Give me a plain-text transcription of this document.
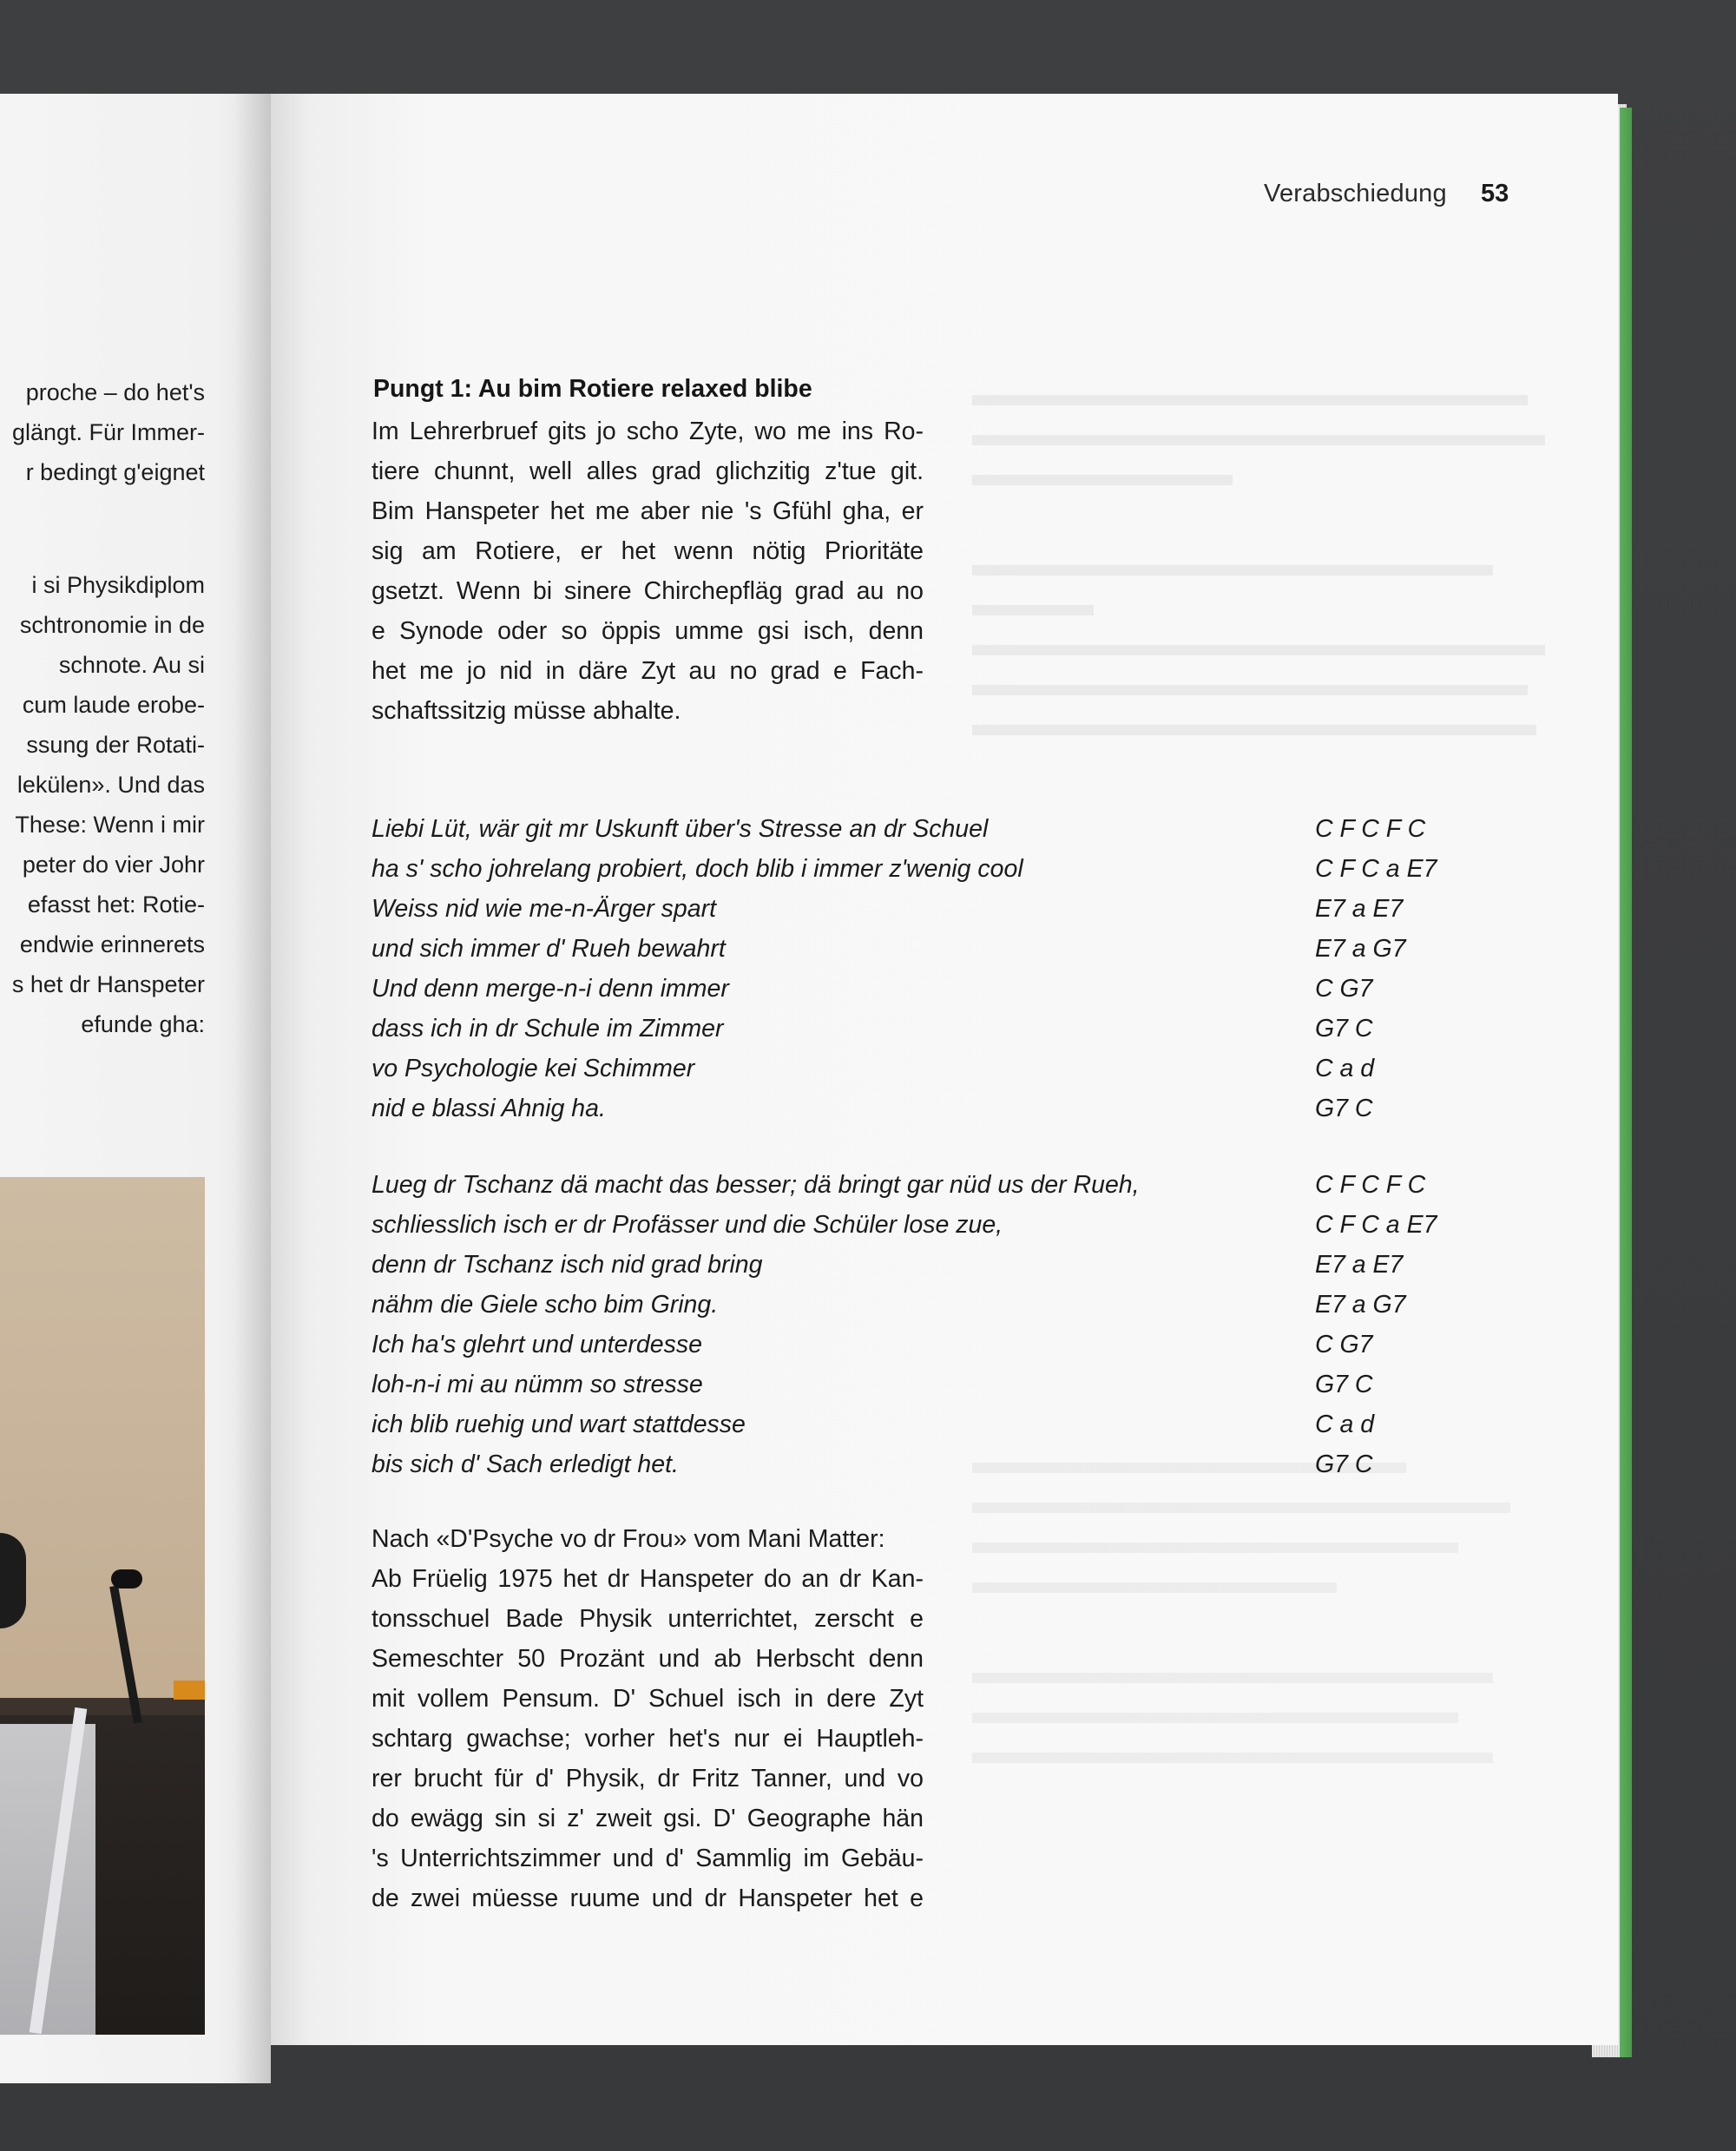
proche – do het's
glängt. Für Immer-
r bedingt g'eignet
i si Physikdiplom
schtronomie in de
schnote. Au si
cum laude erobe-
ssung der Rotati-
lekülen». Und das
These: Wenn i mir
peter do vier Johr
efasst het: Rotie-
endwie erinnerets
s het dr Hanspeter
efunde gha:
Verabschiedung 53
Pungt 1: Au bim Rotiere relaxed blibe
Im Lehrerbruef gits jo scho Zyte, wo me ins Ro-
tiere chunnt, well alles grad glichzitig z'tue git.
Bim Hanspeter het me aber nie 's Gfühl gha, er
sig am Rotiere, er het wenn nötig Prioritäte
gsetzt. Wenn bi sinere Chirchepfläg grad au no
e Synode oder so öppis umme gsi isch, denn
het me jo nid in däre Zyt au no grad e Fach-
schaftssitzig müsse abhalte.
Liebi Lüt, wär git mr Uskunft über's Stresse an dr Schuel	C F C F C
ha s' scho johrelang probiert, doch blib i immer z'wenig cool	C F C a E7
Weiss nid wie me-n-Ärger spart	E7 a E7
und sich immer d' Rueh bewahrt	E7 a G7
Und denn merge-n-i denn immer	C G7
dass ich in dr Schule im Zimmer	G7 C
vo Psychologie kei Schimmer	C a d
nid e blassi Ahnig ha.	G7 C
Lueg dr Tschanz dä macht das besser; dä bringt gar nüd us der Rueh,	C F C F C
schliesslich isch er dr Profässer und die Schüler lose zue,	C F C a E7
denn dr Tschanz isch nid grad bring	E7 a E7
nähm die Giele scho bim Gring.	E7 a G7
Ich ha's glehrt und unterdesse	C G7
loh-n-i mi au nümm so stresse	G7 C
ich blib ruehig und wart stattdesse	C a d
bis sich d' Sach erledigt het.	G7 C
Nach «D'Psyche vo dr Frou» vom Mani Matter:
Ab Früelig 1975 het dr Hanspeter do an dr Kan-
tonsschuel Bade Physik unterrichtet, zerscht e
Semeschter 50 Prozänt und ab Herbscht denn
mit vollem Pensum. D' Schuel isch in dere Zyt
schtarg gwachse; vorher het's nur ei Hauptleh-
rer brucht für d' Physik, dr Fritz Tanner, und vo
do ewägg sin si z' zweit gsi. D' Geographe hän
's Unterrichtszimmer und d' Sammlig im Gebäu-
de zwei müesse ruume und dr Hanspeter het e
